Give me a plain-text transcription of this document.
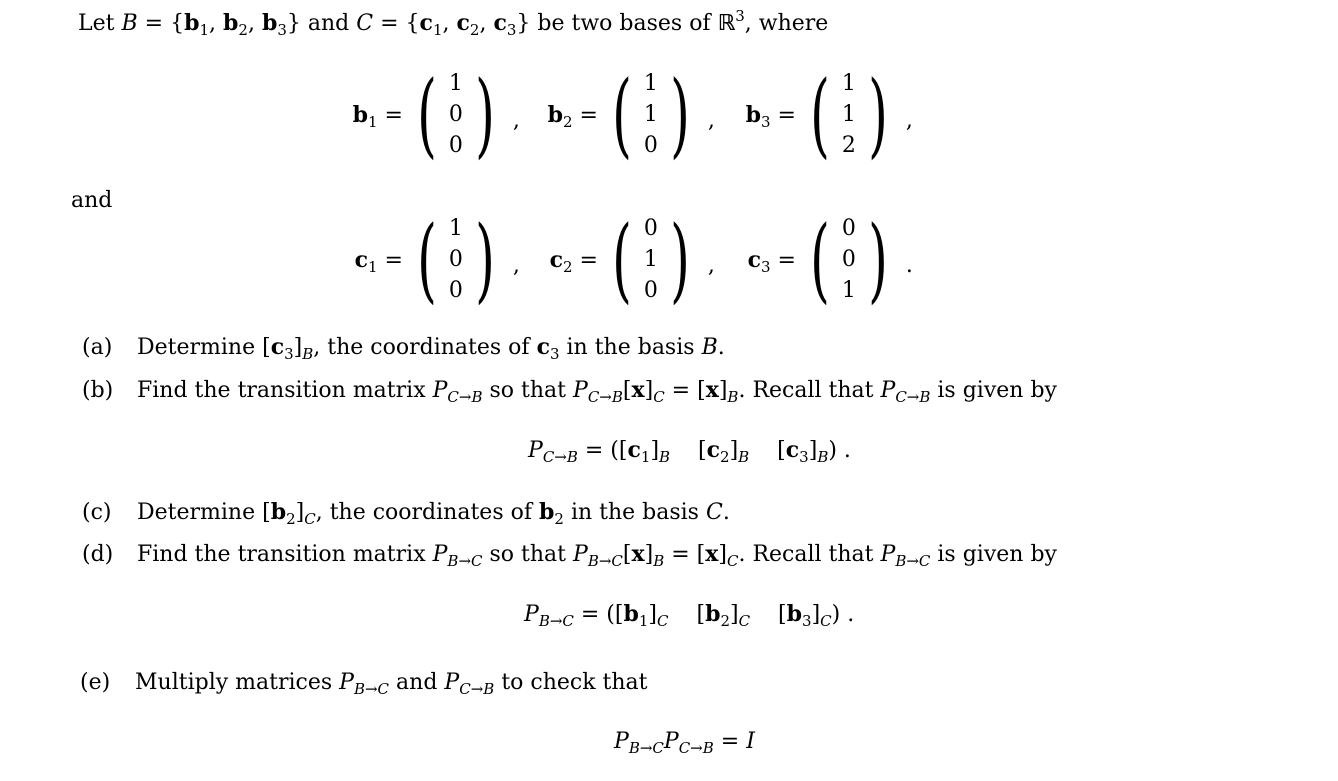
Let $B = \{b_1$, $b_2$, $b_3$} and $C = \{c_1$, $c_2$, $c_3$} be two bases of ℝ$^3$, where
$b_1$ = ( 1
0
0 ) ,	$b_2$ = ( 1
1
0 ) ,	$b_3$ = ( 1
1
2 ) ,
and
$c_1$ = ( 1
0
0 ) ,	$c_2$ = ( 0
1
0 ) ,	$c_3$ = ( 0
0
1 ) .
(a) Determine $[c_3]_B$, the coordinates of $c_3$ in the basis B.
(b) Find the transition matrix $P_{C\to B}$ so that $P_{C\to B}[x]_C = [x]_B$. Recall that $P_{C\to B}$ is given by
$P_{C\to B} = ([c_1]_B$    $[c_2]_B$    $[c_3]_B$) .
(c) Determine $[b_2]_C$, the coordinates of $b_2$ in the basis C.
(d) Find the transition matrix $P_{B\to C}$ so that $P_{B\to C}[x]_B = [x]_C$. Recall that $P_{B\to C}$ is given by
$P_{B\to C} = ([b_1]_C$    $[b_2]_C$    $[b_3]_C$) .
(e) Multiply matrices $P_{B\to C}$ and $P_{C\to B}$ to check that
$P_{B\to C}P_{C\to B} = I$
